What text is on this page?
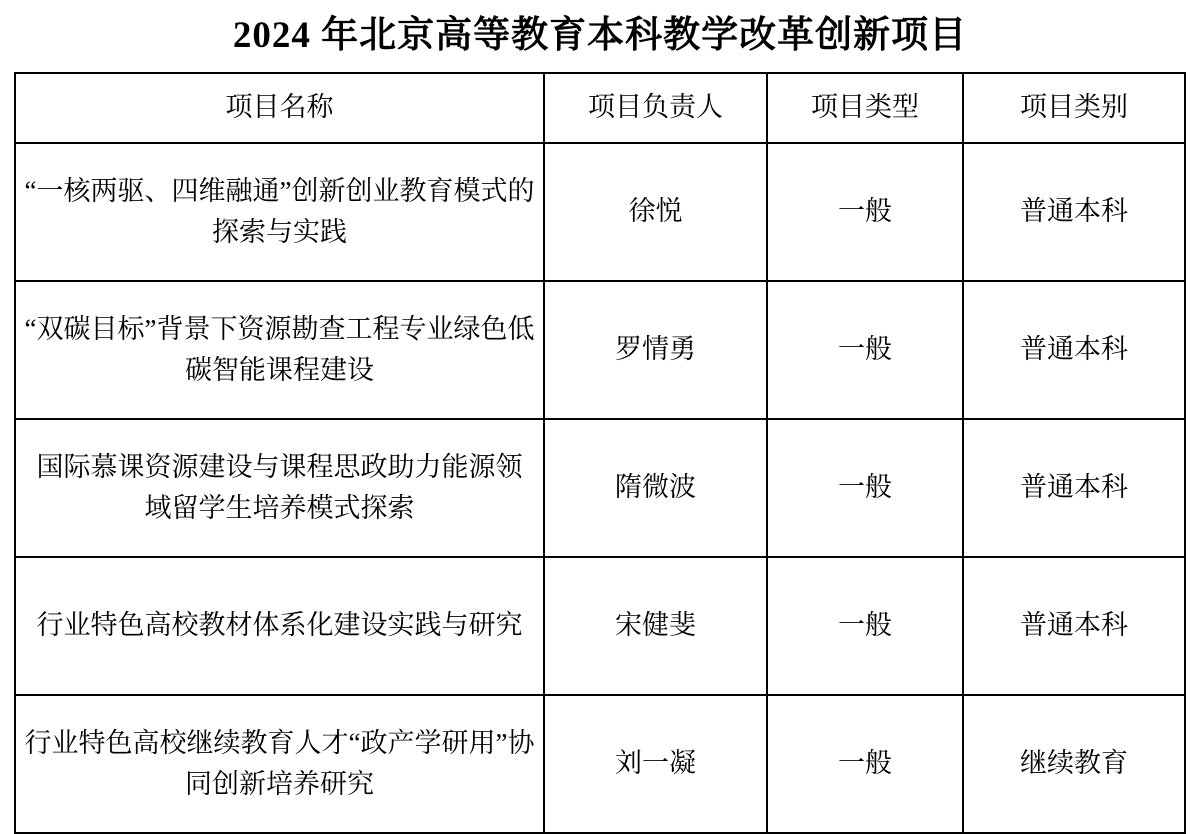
2024 年北京高等教育本科教学改革创新项目
项目名称	项目负责人	项目类型	项目类别
“一核两驱、四维融通”创新创业教育模式的探索与实践	徐悦	一般	普通本科
“双碳目标”背景下资源勘查工程专业绿色低碳智能课程建设	罗情勇	一般	普通本科
国际慕课资源建设与课程思政助力能源领域留学生培养模式探索	隋微波	一般	普通本科
行业特色高校教材体系化建设实践与研究	宋健斐	一般	普通本科
行业特色高校继续教育人才“政产学研用”协同创新培养研究	刘一凝	一般	继续教育
